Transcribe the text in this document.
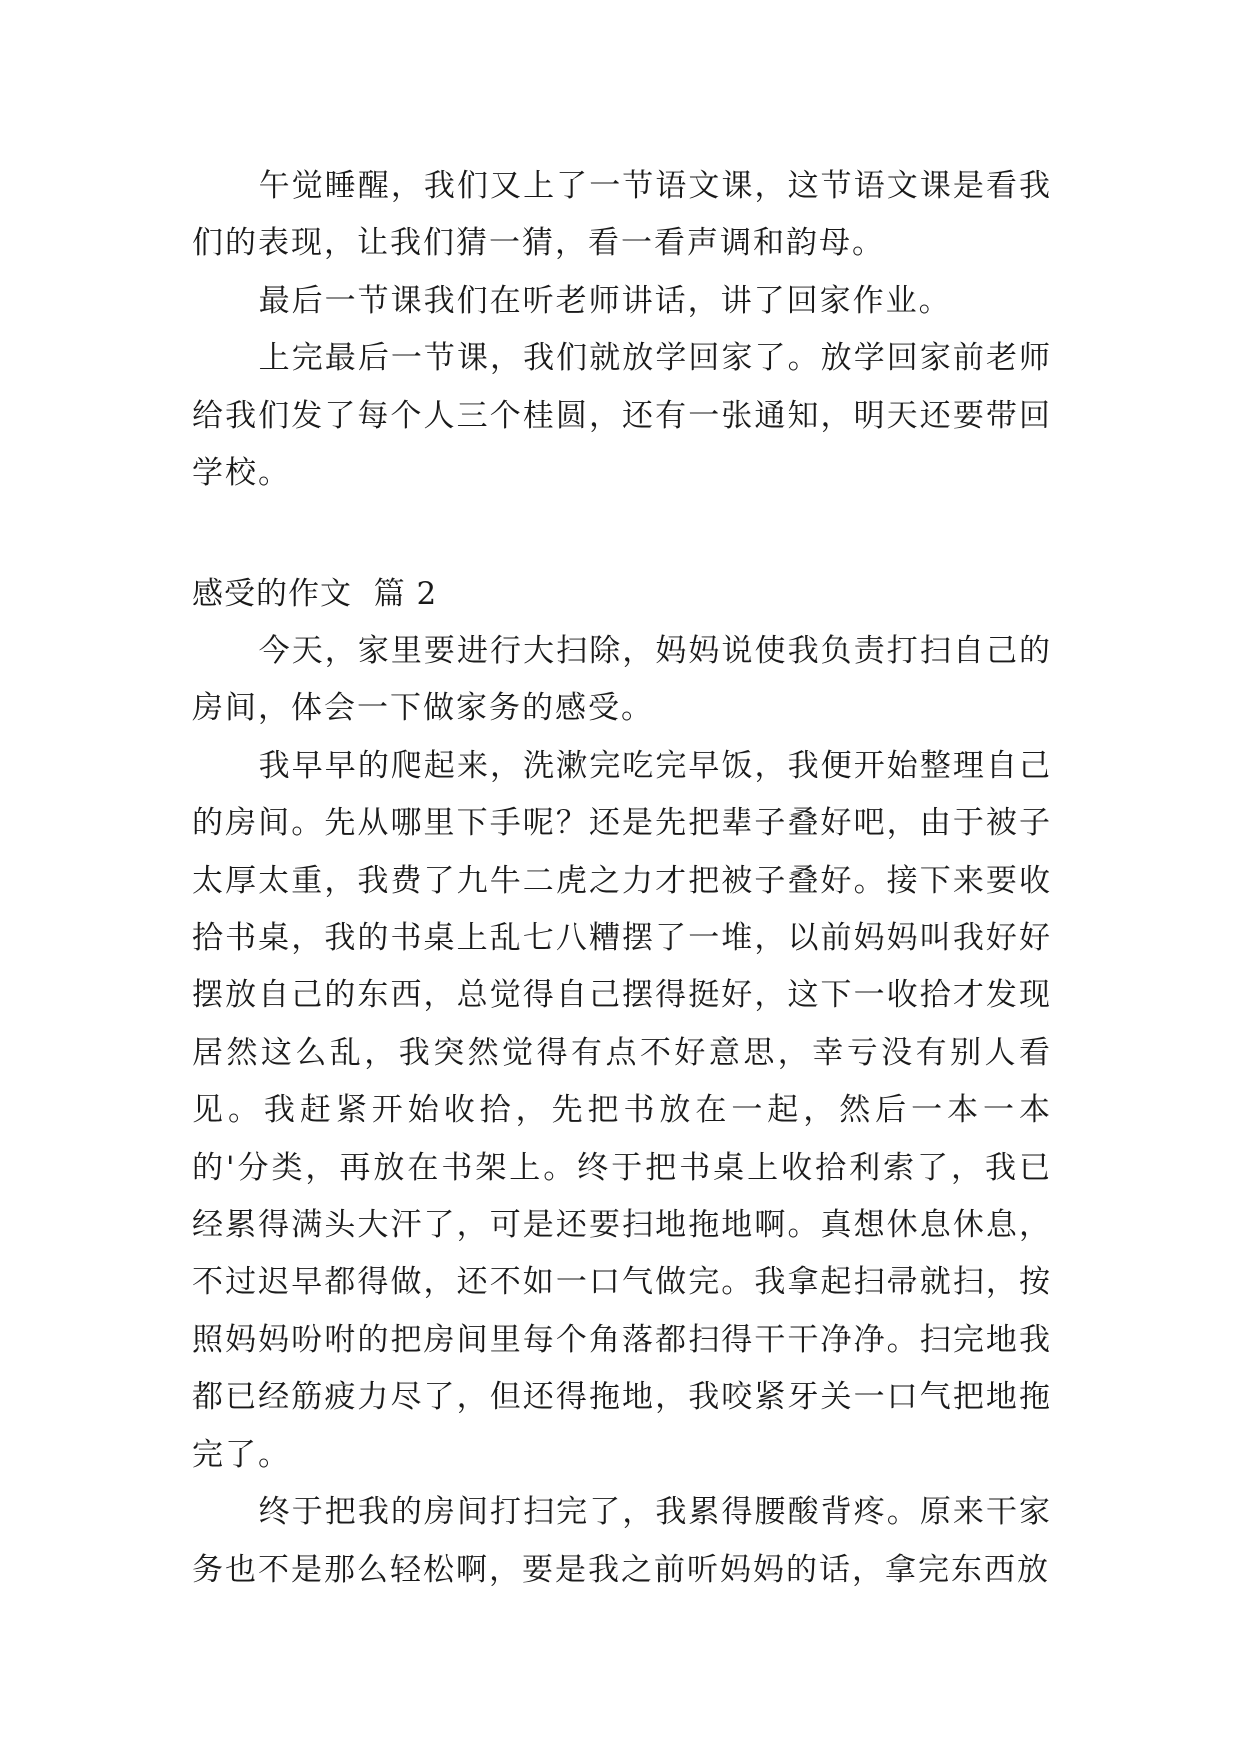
午觉睡醒，我们又上了一节语文课，这节语文课是看我们的表现，让我们猜一猜，看一看声调和韵母。

最后一节课我们在听老师讲话，讲了回家作业。

上完最后一节课，我们就放学回家了。放学回家前老师给我们发了每个人三个桂圆，还有一张通知，明天还要带回学校。

感受的作文  篇 2

今天，家里要进行大扫除，妈妈说使我负责打扫自己的房间，体会一下做家务的感受。

我早早的爬起来，洗漱完吃完早饭，我便开始整理自己的房间。先从哪里下手呢？还是先把辈子叠好吧，由于被子太厚太重，我费了九牛二虎之力才把被子叠好。接下来要收拾书桌，我的书桌上乱七八糟摆了一堆，以前妈妈叫我好好摆放自己的东西，总觉得自己摆得挺好，这下一收拾才发现居然这么乱，我突然觉得有点不好意思，幸亏没有别人看见。我赶紧开始收拾，先把书放在一起，然后一本一本的'分类，再放在书架上。终于把书桌上收拾利索了，我已经累得满头大汗了，可是还要扫地拖地啊。真想休息休息，不过迟早都得做，还不如一口气做完。我拿起扫帚就扫，按照妈妈吩咐的把房间里每个角落都扫得干干净净。扫完地我都已经筋疲力尽了，但还得拖地，我咬紧牙关一口气把地拖完了。

终于把我的房间打扫完了，我累得腰酸背疼。原来干家务也不是那么轻松啊，要是我之前听妈妈的话，拿完东西放
